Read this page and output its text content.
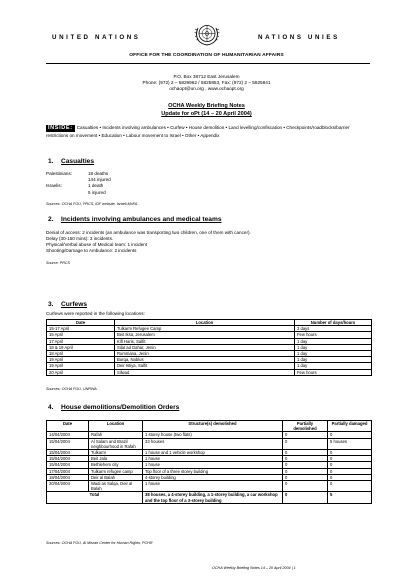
UNITED NATIONS	NATIONS UNIES
OFFICE FOR THE COORDINATION OF HUMANITARIAN AFFAIRS
P.O. Box 38712 East Jerusalem
Phone: (972) 2 – 5829962 / 5825853, Fax: (972) 2 – 5825841
ochaopt@un.org , www.ochaopt.org
OCHA Weekly Briefing Notes
Update for oPt (14 – 20 April 2004)
INSIDE: Casualties • Incidents involving ambulances • Curfew • House demolition • Land levelling/confiscation • Checkpoints/roadblocks/barrier restrictions on movement • Education • Labour movement to Israel • Other • Appendix
1. Casualties
Palestinians:	18 deaths
144 injured
Israelis:	1 death
5 injured
Sources: OCHA FOU, PRCS, IDF website, Israeli MoFA.
2. Incidents involving ambulances and medical teams
Denial of access: 2 incidents (an ambulance was transporting two children, one of them with cancer).
Delay (30-150 mins): 3 incidents.
Physical/Verbal abuse of Medical team: 1 incident
Shooting/Damage to Ambulance: 2 incidents
Source: PRCS
3. Curfews
Curfews were reported in the following locations:
Date	Location	Number of days/hours
15-17 April	Tulkarm Refugee Camp	3 days
15 April	Beit Iksa, Jerusalem	Few hours
17 April	Kifl Haris, Salfit	1 day
18 & 19 April	Silat ad Dahar, Jenin	1 day
18 April	Rummana, Jenin	1 day
19 April	Burqa, Nablus	1 day
19 April	Deir Istiya, Salfit	1 day
20 April	Silwad	Few hours
Sources: OCHA FOU, UNRWA
4. House demolitions/Demolition Orders
Date	Location	Structure(s) demolished	Partially demolished	Partially damaged
14/04/2004	Rafah	1 storey house (two flats)	0	0
15/04/2004	Al Salam and Brazil neighbourhood in Rafah	33 houses	0	5 houses
15/04/2004	Tulkarm	1 house and 1 vehicle workshop	0	0
15/04/2004	Beit Jala	1 house	0	0
15/04/2004	Bethlehem city	1 house	0	0
17/04/2004	Tulkarm refugee camp	Top floor of a three storey building	0	0
18/04/2004	Deir al Balah	4-storey building	0	0
20/04/2004	Wadi as Salqa, Deir al Balah	1 house	0	0
Total		38 houses, a 4-storey building, a 1-storey building, a car workshop and the top floor of a 3-storey building	0	5
Sources: OCHA FOU, Al Mezan Center for Human Rights, PCHR
OCHA Weekly Briefing Notes 14 – 20 April 2004 | 1
